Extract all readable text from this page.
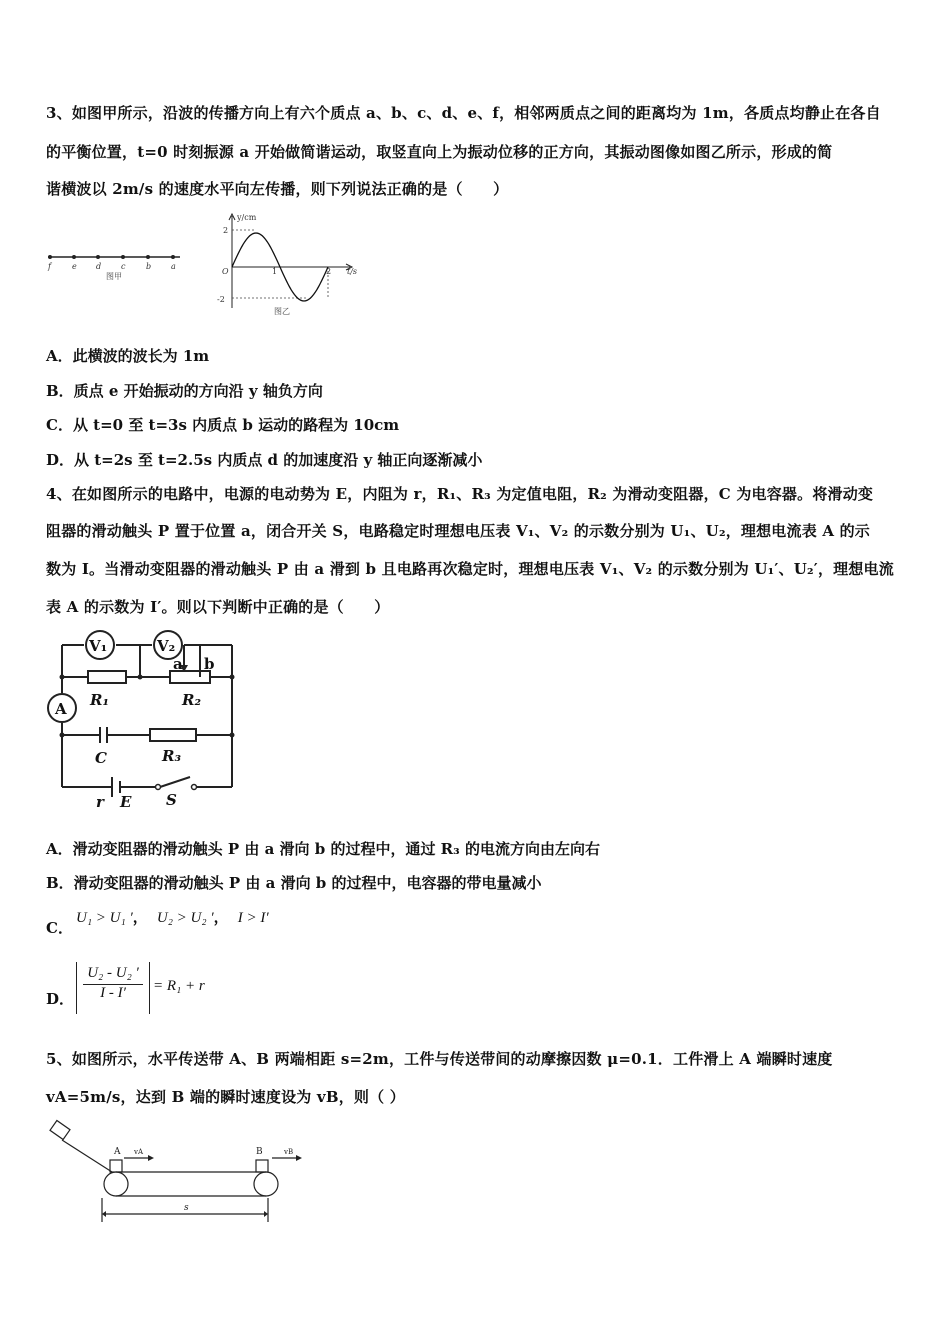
3、如图甲所示，沿波的传播方向上有六个质点 a、b、c、d、e、f，相邻两质点之间的距离均为 1m，各质点均静止在各自
的平衡位置，t=0 时刻振源 a 开始做简谐运动，取竖直向上为振动位移的正方向，其振动图像如图乙所示，形成的简
谐横波以 2m/s 的速度水平向左传播，则下列说法正确的是（　　）
f	e d c	b a
图甲
y/cm
t/s
O
2
-2
1	2
图乙
A．此横波的波长为 1m
B．质点 e 开始振动的方向沿 y 轴负方向
C．从 t=0 至 t=3s 内质点 b 运动的路程为 10cm
D．从 t=2s 至 t=2.5s 内质点 d 的加速度沿 y 轴正向逐渐减小
4、在如图所示的电路中，电源的电动势为 E，内阻为 r，R₁、R₃ 为定值电阻，R₂ 为滑动变阻器，C 为电容器。将滑动变
阻器的滑动触头 P 置于位置 a，闭合开关 S，电路稳定时理想电压表 V₁、V₂ 的示数分别为 U₁、U₂，理想电流表 A 的示
数为 I。当滑动变阻器的滑动触头 P 由 a 滑到 b 且电路再次稳定时，理想电压表 V₁、V₂ 的示数分别为 U₁′、U₂′，理想电流
表 A 的示数为 I′。则以下判断中正确的是（　　）
V₁	V₂
A
a b
R₁	R₂
C	R₃
r E S
A．滑动变阻器的滑动触头 P 由 a 滑向 b 的过程中，通过 R₃ 的电流方向由左向右
B．滑动变阻器的滑动触头 P 由 a 滑向 b 的过程中，电容器的带电量减小
C．
U₁ > U₁ ′， U₂ > U₂ ′， I > I′
D．
U₂ - U₂ ′
I - I′	= R₁ + r
5、如图所示，水平传送带 A、B 两端相距 s=2m，工件与传送带间的动摩擦因数 μ=0.1．工件滑上 A 端瞬时速度
vA=5m/s，达到 B 端的瞬时速度设为 vB，则（ ）
A	B
vA	vB
s
